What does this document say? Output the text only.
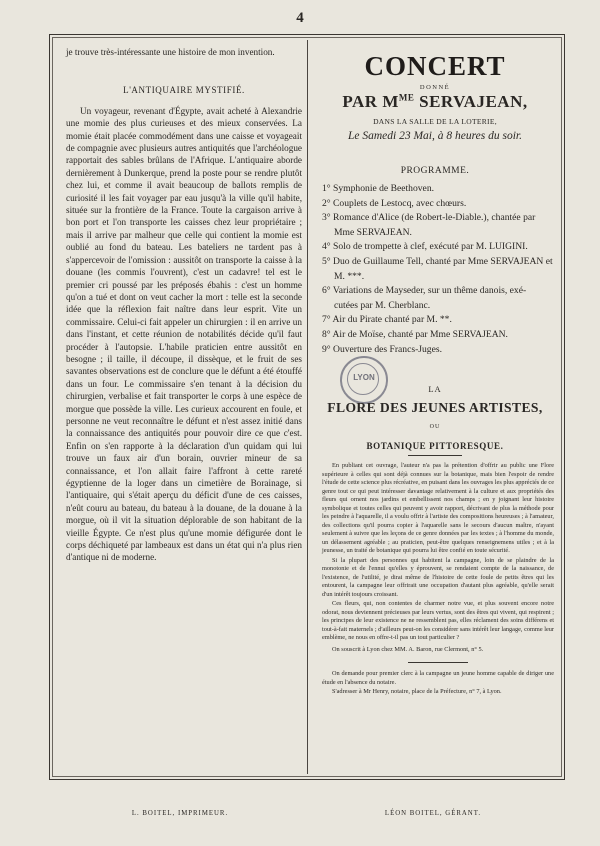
4

je trouve très-intéressante une histoire de mon invention.

L'ANTIQUAIRE MYSTIFIÉ.

Un voyageur, revenant d'Égypte, avait acheté à Alexandrie une momie des plus curieuses et des mieux conservées. La momie était placée commodément dans une caisse et voyageait de compagnie avec plusieurs autres antiquités que l'archéologue rapportait des sables brûlans de l'Afrique. L'antiquaire aborde dernièrement à Dunkerque, prend la poste pour se rendre plutôt chez lui, et comme il avait beaucoup de ballots remplis de curiosité il les fait voyager par eau jusqu'à la ville qu'il habite, située sur la frontière de la France. Toute la cargaison arrive à bon port et l'on transporte les caisses chez leur propriétaire ; mais il arrive par malheur que celle qui contient la momie est oublié au fond du bateau. Les bateliers ne tardent pas à s'appercevoir de l'omission : aussitôt on transporte la caisse à la douane (les commis l'ouvrent), c'est un cadavre! tel est le premier cri poussé par les préposés ébahis : c'est un homme qu'on a tué et dont on veut cacher la mort : telle est la seconde idée que la réflexion fait naître dans leur esprit. Vite un commissaire. Celui-ci fait appeler un chirurgien : il en arrive un dans l'instant, et cette réunion de notabilités décide qu'il faut procéder à l'autopsie. L'habile praticien entre aussitôt en besogne ; il taille, il découpe, il dissèque, et le fruit de ses savantes observations est de conclure que le défunt a été étouffé dans un four. Le commissaire s'en tenant à la décision du chirurgien, verbalise et fait transporter le corps à une espèce de morgue que possède la ville. Les curieux accourent en foule, et personne ne veut reconnaître le défunt et n'est assez initié dans la connaissance des antiquités pour pouvoir dire ce que c'est. Enfin on s'en rapporte à la déclaration d'un quidam qui lui trouve un faux air d'un borain, ouvrier mineur de sa connaissance, et l'on allait faire l'affront à cette rareté égyptienne de la loger dans un cimetière de Borainage, si l'antiquaire, qui s'était aperçu du déficit d'une de ces caisses, n'eût couru au bateau, du bateau à la douane, de la douane à la morgue, où il vit la situation déplorable de son habitant de la vieille Égypte. Ce n'est plus qu'une momie défigurée dont le corps déchiqueté par lambeaux est dans un état qui n'a plus rien d'antique ni de moderne.

CONCERT
DONNÉ
PAR $M^{ME}$ SERVAJEAN,
DANS LA SALLE DE LA LOTERIE,
Le Samedi 23 Mai, à 8 heures du soir.
PROGRAMME.
1° Symphonie de Beethoven.
2° Couplets de Lestocq, avec chœurs.
3° Romance d'Alice (de Robert-le-Diable.), chantée par
Mme SERVAJEAN.
4° Solo de trompette à clef, exécuté par M. LUIGINI.
5° Duo de Guillaume Tell, chanté par Mme SERVAJEAN et
M. ***.
6° Variations de Mayseder, sur un thême danois, exé-
cutées par M. Cherblanc.
7° Air du Pirate chanté par M. **.
8° Air de Moïse, chanté par Mme SERVAJEAN.
9° Ouverture des Francs-Juges.
LYON
LA
FLORE DES JEUNES ARTISTES,
OU
BOTANIQUE PITTORESQUE.

En publiant cet ouvrage, l'auteur n'a pas la prétention d'offrir au public une Flore supérieure à celles qui sont déjà connues sur la botanique, mais bien l'espoir de rendre l'étude de cette science plus récréative, en puisant dans les ouvrages les plus appréciés de ce genre tout ce qui peut intéresser davantage relativement à la culture et aux propriétés des fleurs qui ornent nos jardins et embellissent nos champs ; en y joignant leur histoire symbolique et toutes celles qui peuvent y avoir rapport, décrivant de plus la méthode pour les peindre à l'aquarelle, il a voulu offrir à l'artiste des compositions heureuses ; à l'amateur, des collections qu'il pourra copier à l'aquarelle sans le secours d'aucun maître, n'ayant seulement à suivre que les leçons de ce genre données par les textes ; à l'homme du monde, un délassement agréable ; au praticien, peut-être quelques renseignemens utiles ; et à la jeunesse, un traité de botanique qui pourra lui être confié en toute sécurité.

Si la plupart des personnes qui habitent la campagne, loin de se plaindre de la monotonie et de l'ennui qu'elles y éprouvent, se rendaient compte de la naissance, de l'existence, de l'utilité, je dirai même de l'histoire de cette foule de petits êtres qui les entourent, la campagne leur offrirait une occupation d'autant plus agréable, qu'elle serait d'un intérêt toujours croissant.

Ces fleurs, qui, non contentes de charmer notre vue, et plus souvent encore notre odorat, nous deviennent précieuses par leurs vertus, sont des êtres qui vivent, qui respirent ; les principes de leur existence ne ne ressemblent pas, elles réclament des soins différens et tout-à-fait maternels ; d'ailleurs peut-on les considérer sans intérêt leur langage, comme leur emblème, ne nous en offre-t-il pas un tout particulier ?

On souscrit à Lyon chez MM. A. Baron, rue Clermont, n° 5.

On demande pour premier clerc à la campagne un jeune homme capable de diriger une étude en l'absence du notaire.

S'adresser à Mr Henry, notaire, place de la Préfecture, n° 7, à Lyon.

L. BOITEL, IMPRIMEUR.	LÉON BOITEL, GÉRANT.
